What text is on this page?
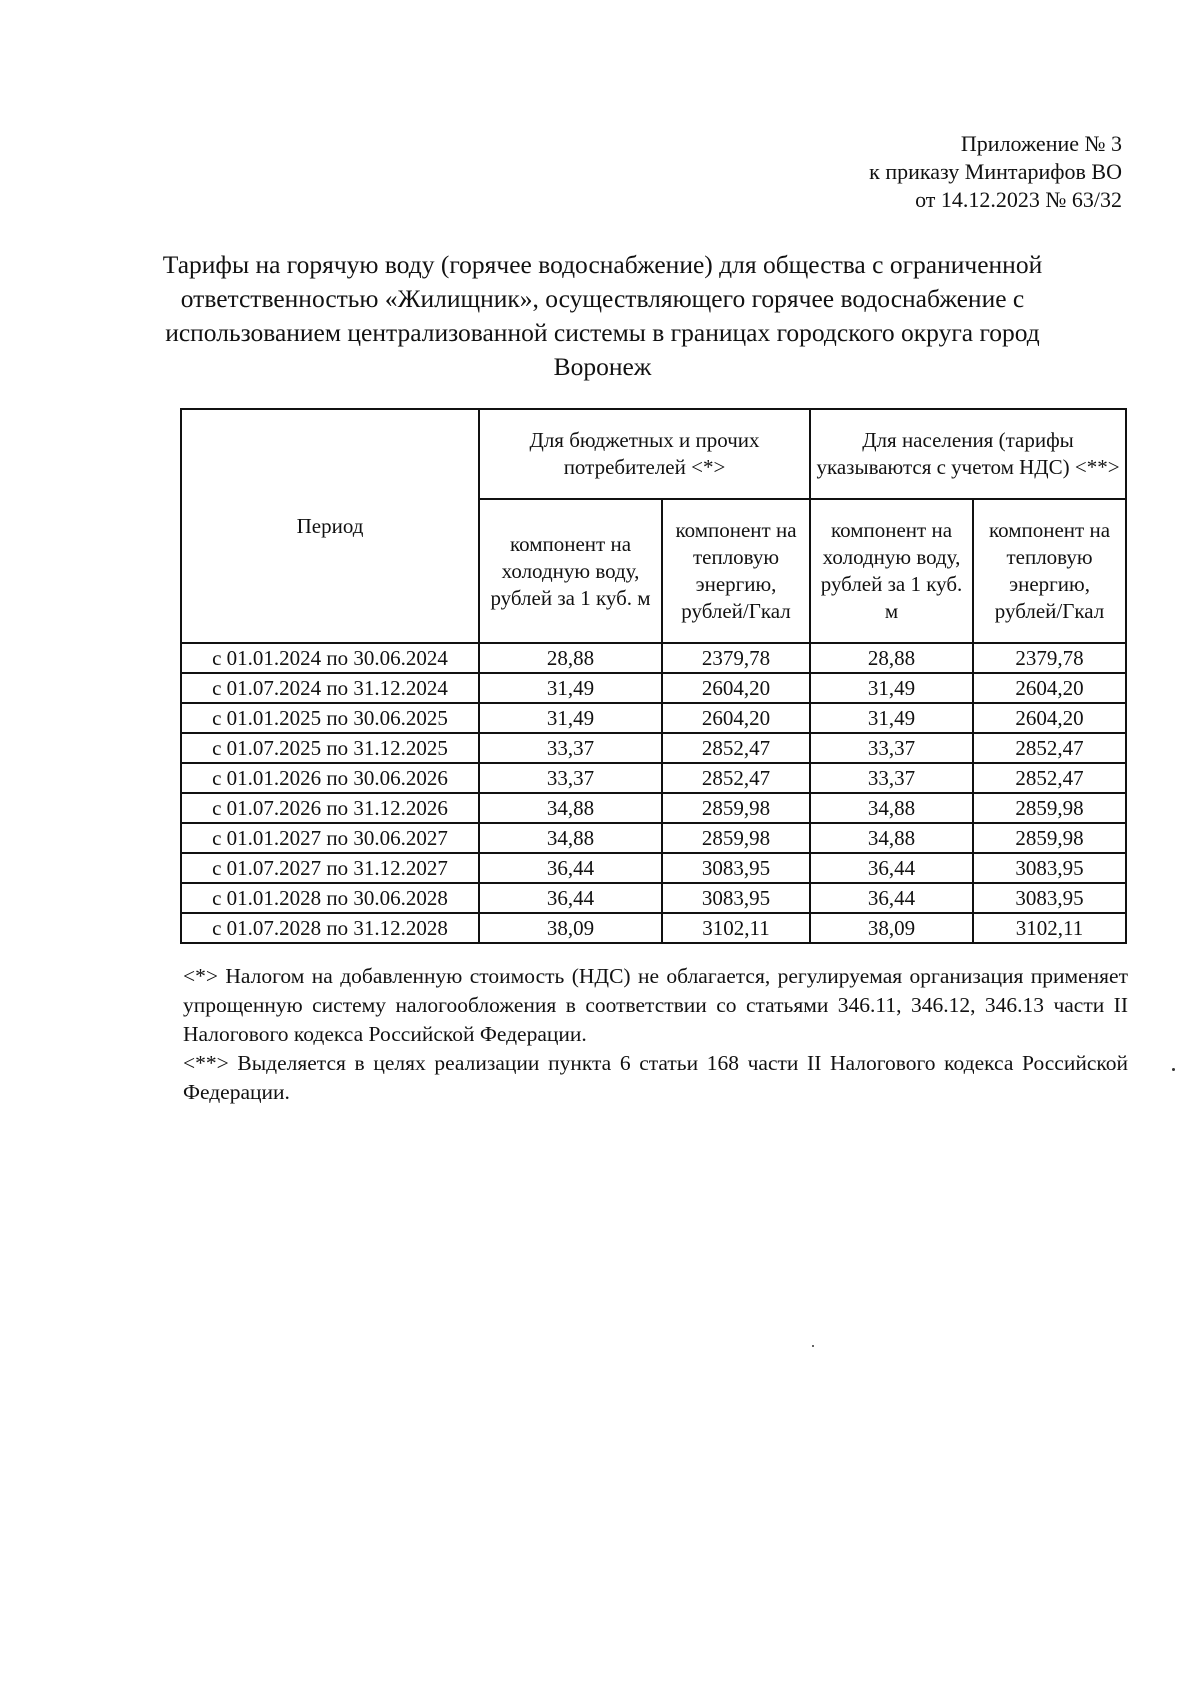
Приложение № 3
к приказу Минтарифов ВО
от 14.12.2023 № 63/32
Тарифы на горячую воду (горячее водоснабжение) для общества с ограниченной ответственностью «Жилищник», осуществляющего горячее водоснабжение с использованием централизованной системы в границах городского округа город Воронеж
Период	Для бюджетных и прочих потребителей <*>		Для населения (тарифы указываются с учетом НДС) <**>	
	компонент на холодную воду, рублей за 1 куб. м	компонент на тепловую энергию, рублей/Гкал	компонент на холодную воду, рублей за 1 куб. м	компонент на тепловую энергию, рублей/Гкал
с 01.01.2024 по 30.06.2024	28,88	2379,78	28,88	2379,78
с 01.07.2024 по 31.12.2024	31,49	2604,20	31,49	2604,20
с 01.01.2025 по 30.06.2025	31,49	2604,20	31,49	2604,20
с 01.07.2025 по 31.12.2025	33,37	2852,47	33,37	2852,47
с 01.01.2026 по 30.06.2026	33,37	2852,47	33,37	2852,47
с 01.07.2026 по 31.12.2026	34,88	2859,98	34,88	2859,98
с 01.01.2027 по 30.06.2027	34,88	2859,98	34,88	2859,98
с 01.07.2027 по 31.12.2027	36,44	3083,95	36,44	3083,95
с 01.01.2028 по 30.06.2028	36,44	3083,95	36,44	3083,95
с 01.07.2028 по 31.12.2028	38,09	3102,11	38,09	3102,11

<*> Налогом на добавленную стоимость (НДС) не облагается, регулируемая организация применяет упрощенную систему налогообложения в соответствии со статьями 346.11, 346.12, 346.13 части II Налогового кодекса Российской Федерации.

<**> Выделяется в целях реализации пункта 6 статьи 168 части II Налогового кодекса Российской Федерации.
